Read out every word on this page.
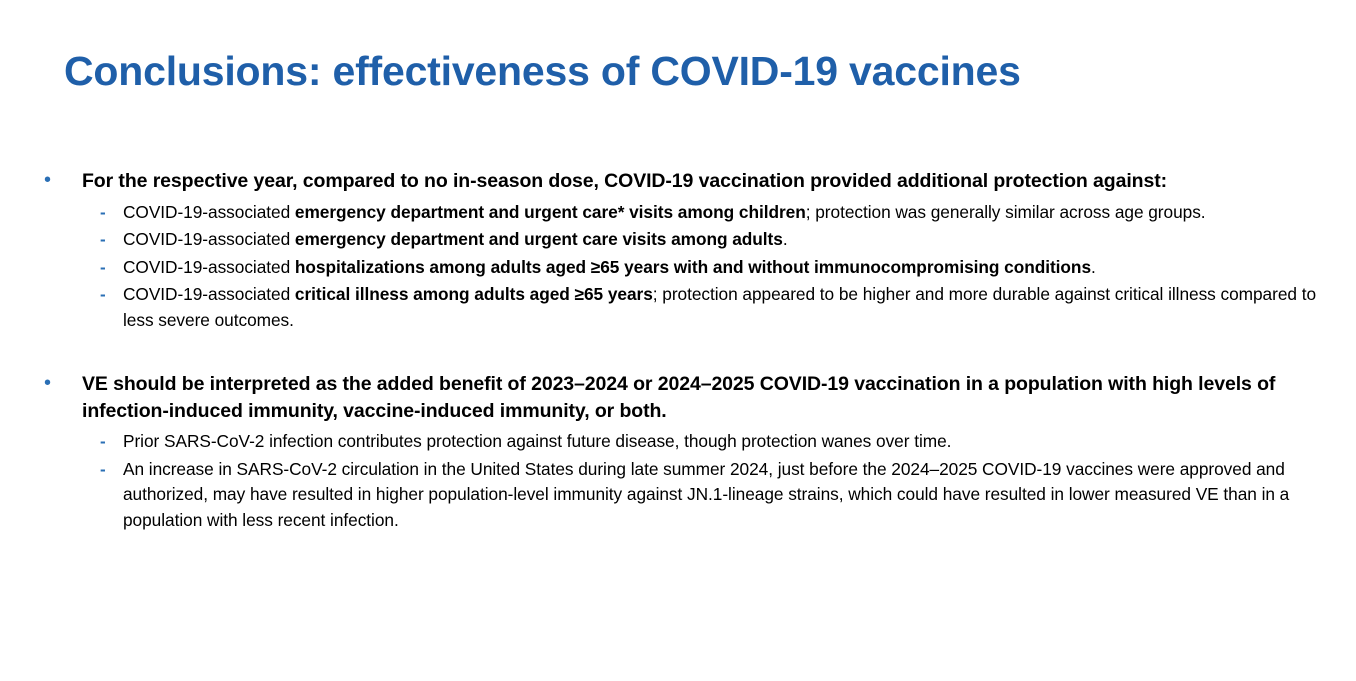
Conclusions: effectiveness of COVID-19 vaccines
• For the respective year, compared to no in-season dose, COVID-19 vaccination provided additional protection against:
- COVID-19-associated emergency department and urgent care* visits among children; protection was generally similar across age groups.
- COVID-19-associated emergency department and urgent care visits among adults.
- COVID-19-associated hospitalizations among adults aged ≥65 years with and without immunocompromising conditions.
- COVID-19-associated critical illness among adults aged ≥65 years; protection appeared to be higher and more durable against critical illness compared to less severe outcomes.
• VE should be interpreted as the added benefit of 2023–2024 or 2024–2025 COVID-19 vaccination in a population with high levels of infection-induced immunity, vaccine-induced immunity, or both.
- Prior SARS-CoV-2 infection contributes protection against future disease, though protection wanes over time.
- An increase in SARS-CoV-2 circulation in the United States during late summer 2024, just before the 2024–2025 COVID-19 vaccines were approved and authorized, may have resulted in higher population-level immunity against JN.1-lineage strains, which could have resulted in lower measured VE than in a population with less recent infection.
